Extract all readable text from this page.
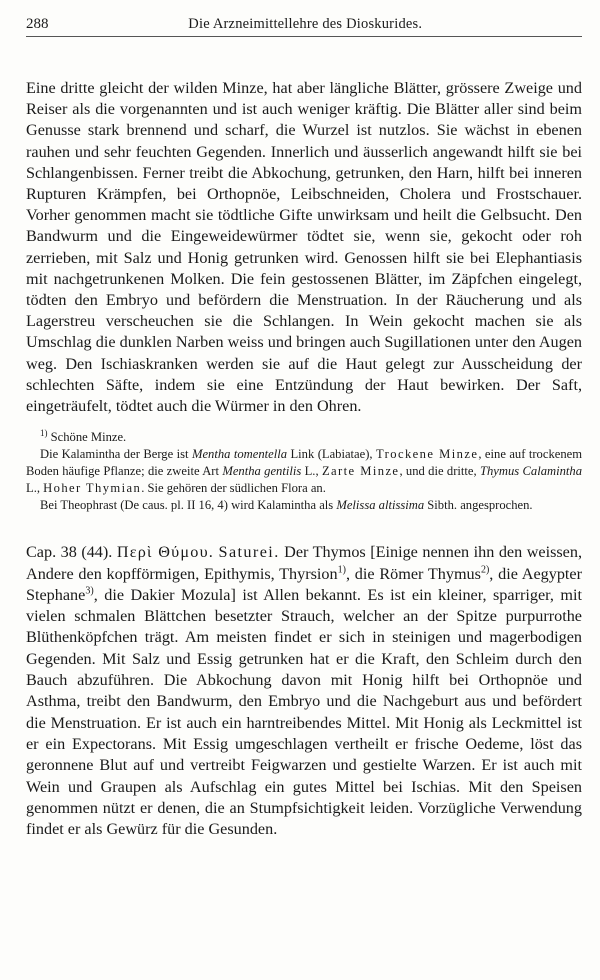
288	Die Arzneimittellehre des Dioskurides.

Eine dritte gleicht der wilden Minze, hat aber längliche Blätter, grössere Zweige und Reiser als die vorgenannten und ist auch weniger kräftig. Die Blätter aller sind beim Genusse stark brennend und scharf, die Wurzel ist nutzlos. Sie wächst in ebenen rauhen und sehr feuchten Gegenden. Innerlich und äusserlich angewandt hilft sie bei Schlangenbissen. Ferner treibt die Abkochung, getrunken, den Harn, hilft bei inneren Rupturen Krämpfen, bei Orthopnöe, Leibschneiden, Cholera und Frostschauer. Vorher genommen macht sie tödtliche Gifte unwirksam und heilt die Gelbsucht. Den Bandwurm und die Eingeweidewürmer tödtet sie, wenn sie, gekocht oder roh zerrieben, mit Salz und Honig getrunken wird. Genossen hilft sie bei Elephantiasis mit nachgetrunkenen Molken. Die fein gestossenen Blätter, im Zäpfchen eingelegt, tödten den Embryo und befördern die Menstruation. In der Räucherung und als Lagerstreu verscheuchen sie die Schlangen. In Wein gekocht machen sie als Umschlag die dunklen Narben weiss und bringen auch Sugillationen unter den Augen weg. Den Ischiaskranken werden sie auf die Haut gelegt zur Ausscheidung der schlechten Säfte, indem sie eine Entzündung der Haut bewirken. Der Saft, eingeträufelt, tödtet auch die Würmer in den Ohren.

$^{1)}$ Schöne Minze.

Die Kalamintha der Berge ist Mentha tomentella Link (Labiatae), Trockene Minze, eine auf trockenem Boden häufige Pflanze; die zweite Art Mentha gentilis L., Zarte Minze, und die dritte, Thymus Calamintha L., Hoher Thymian. Sie gehören der südlichen Flora an.

Bei Theophrast (De caus. pl. II 16, 4) wird Kalamintha als Melissa altissima Sibth. angesprochen.

Cap. 38 (44). Περὶ Θύμου. Saturei. Der Thymos [Einige nennen ihn den weissen, Andere den kopfförmigen, Epithymis, Thyrsion$^{1)}$, die Römer Thymus$^{2)}$, die Aegypter Stephane$^{3)}$, die Dakier Mozula] ist Allen bekannt. Es ist ein kleiner, sparriger, mit vielen schmalen Blättchen besetzter Strauch, welcher an der Spitze purpurrothe Blüthenköpfchen trägt. Am meisten findet er sich in steinigen und magerbodigen Gegenden. Mit Salz und Essig getrunken hat er die Kraft, den Schleim durch den Bauch abzuführen. Die Abkochung davon mit Honig hilft bei Orthopnöe und Asthma, treibt den Bandwurm, den Embryo und die Nachgeburt aus und befördert die Menstruation. Er ist auch ein harntreibendes Mittel. Mit Honig als Leckmittel ist er ein Expectorans. Mit Essig umgeschlagen vertheilt er frische Oedeme, löst das geronnene Blut auf und vertreibt Feigwarzen und gestielte Warzen. Er ist auch mit Wein und Graupen als Aufschlag ein gutes Mittel bei Ischias. Mit den Speisen genommen nützt er denen, die an Stumpfsichtigkeit leiden. Vorzügliche Verwendung findet er als Gewürz für die Gesunden.
